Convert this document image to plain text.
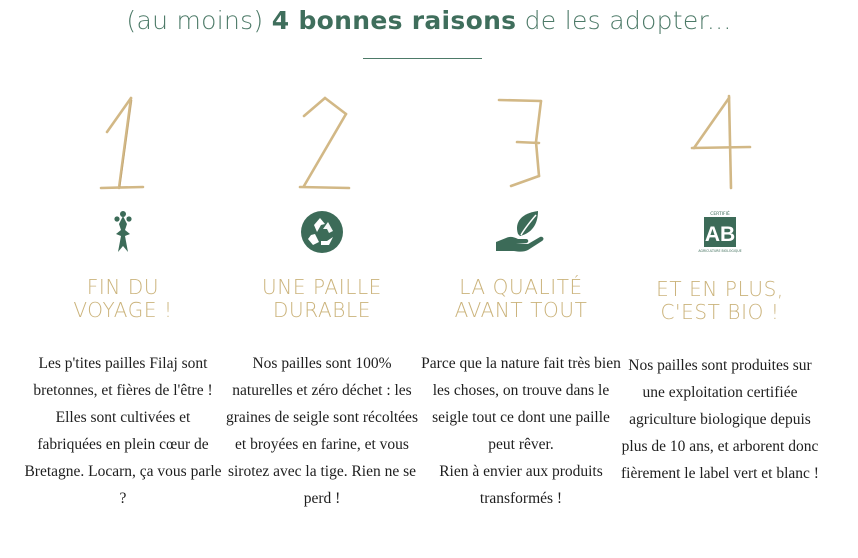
(au moins) 4 bonnes raisons de les adopter...
FIN DU
VOYAGE !

Les p'tites pailles Filaj sont bretonnes, et fières de l'être ! Elles sont cultivées et fabriquées en plein cœur de Bretagne. Locarn, ça vous parle ?

UNE PAILLE
DURABLE

Nos pailles sont 100% naturelles et zéro déchet : les graines de seigle sont récoltées et broyées en farine, et vous sirotez avec la tige. Rien ne se perd !

LA QUALITÉ
AVANT TOUT

Parce que la nature fait très bien les choses, on trouve dans le seigle tout ce dont une paille peut rêver.

Rien à envier aux produits transformés !

CERTIFIÉ
AB
AGRICULTURE BIOLOGIQUE
ET EN PLUS,
C'EST BIO !

Nos pailles sont produites sur une exploitation certifiée agriculture biologique depuis plus de 10 ans, et arborent donc fièrement le label vert et blanc !
